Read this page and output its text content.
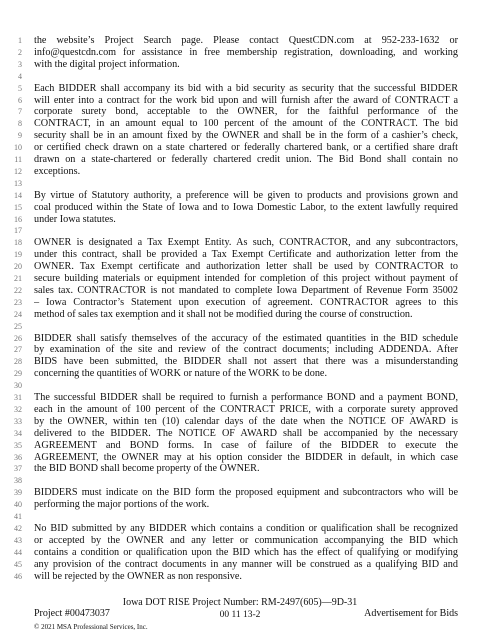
1 the website’s Project Search page. Please contact QuestCDN.com at 952-233-1632 or
2 info@questcdn.com for assistance in free membership registration, downloading, and working
3 with the digital project information.
4
5 Each BIDDER shall accompany its bid with a bid security as security that the successful BIDDER
6 will enter into a contract for the work bid upon and will furnish after the award of CONTRACT a
7 corporate surety bond, acceptable to the OWNER, for the faithful performance of the
8 CONTRACT, in an amount equal to 100 percent of the amount of the CONTRACT. The bid
9 security shall be in an amount fixed by the OWNER and shall be in the form of a cashier’s check,
10 or certified check drawn on a state chartered or federally chartered bank, or a certified share draft
11 drawn on a state-chartered or federally chartered credit union. The Bid Bond shall contain no
12 exceptions.
13
14 By virtue of Statutory authority, a preference will be given to products and provisions grown and
15 coal produced within the State of Iowa and to Iowa Domestic Labor, to the extent lawfully required
16 under Iowa statutes.
17
18 OWNER is designated a Tax Exempt Entity. As such, CONTRACTOR, and any subcontractors,
19 under this contract, shall be provided a Tax Exempt Certificate and authorization letter from the
20 OWNER. Tax Exempt certificate and authorization letter shall be used by CONTRACTOR to
21 secure building materials or equipment intended for completion of this project without payment of
22 sales tax. CONTRACTOR is not mandated to complete Iowa Department of Revenue Form 35002
23 – Iowa Contractor’s Statement upon execution of agreement. CONTRACTOR agrees to this
24 method of sales tax exemption and it shall not be modified during the course of construction.
25
26 BIDDER shall satisfy themselves of the accuracy of the estimated quantities in the BID schedule
27 by examination of the site and review of the contract documents; including ADDENDA. After
28 BIDS have been submitted, the BIDDER shall not assert that there was a misunderstanding
29 concerning the quantities of WORK or nature of the WORK to be done.
30
31 The successful BIDDER shall be required to furnish a performance BOND and a payment BOND,
32 each in the amount of 100 percent of the CONTRACT PRICE, with a corporate surety approved
33 by the OWNER, within ten (10) calendar days of the date when the NOTICE OF AWARD is
34 delivered to the BIDDER. The NOTICE OF AWARD shall be accompanied by the necessary
35 AGREEMENT and BOND forms. In case of failure of the BIDDER to execute the
36 AGREEMENT, the OWNER may at his option consider the BIDDER in default, in which case
37 the BID BOND shall become property of the OWNER.
38
39 BIDDERS must indicate on the BID form the proposed equipment and subcontractors who will be
40 performing the major portions of the work.
41
42 No BID submitted by any BIDDER which contains a condition or qualification shall be recognized
43 or accepted by the OWNER and any letter or communication accompanying the BID which
44 contains a condition or qualification upon the BID which has the effect of qualifying or modifying
45 any provision of the contract documents in any manner will be construed as a qualifying BID and
46 will be rejected by the OWNER as non responsive.
Iowa DOT RISE Project Number: RM-2497(605)—9D-31
Project #00473037	00 11 13-2	Advertisement for Bids
© 2021 MSA Professional Services, Inc.
